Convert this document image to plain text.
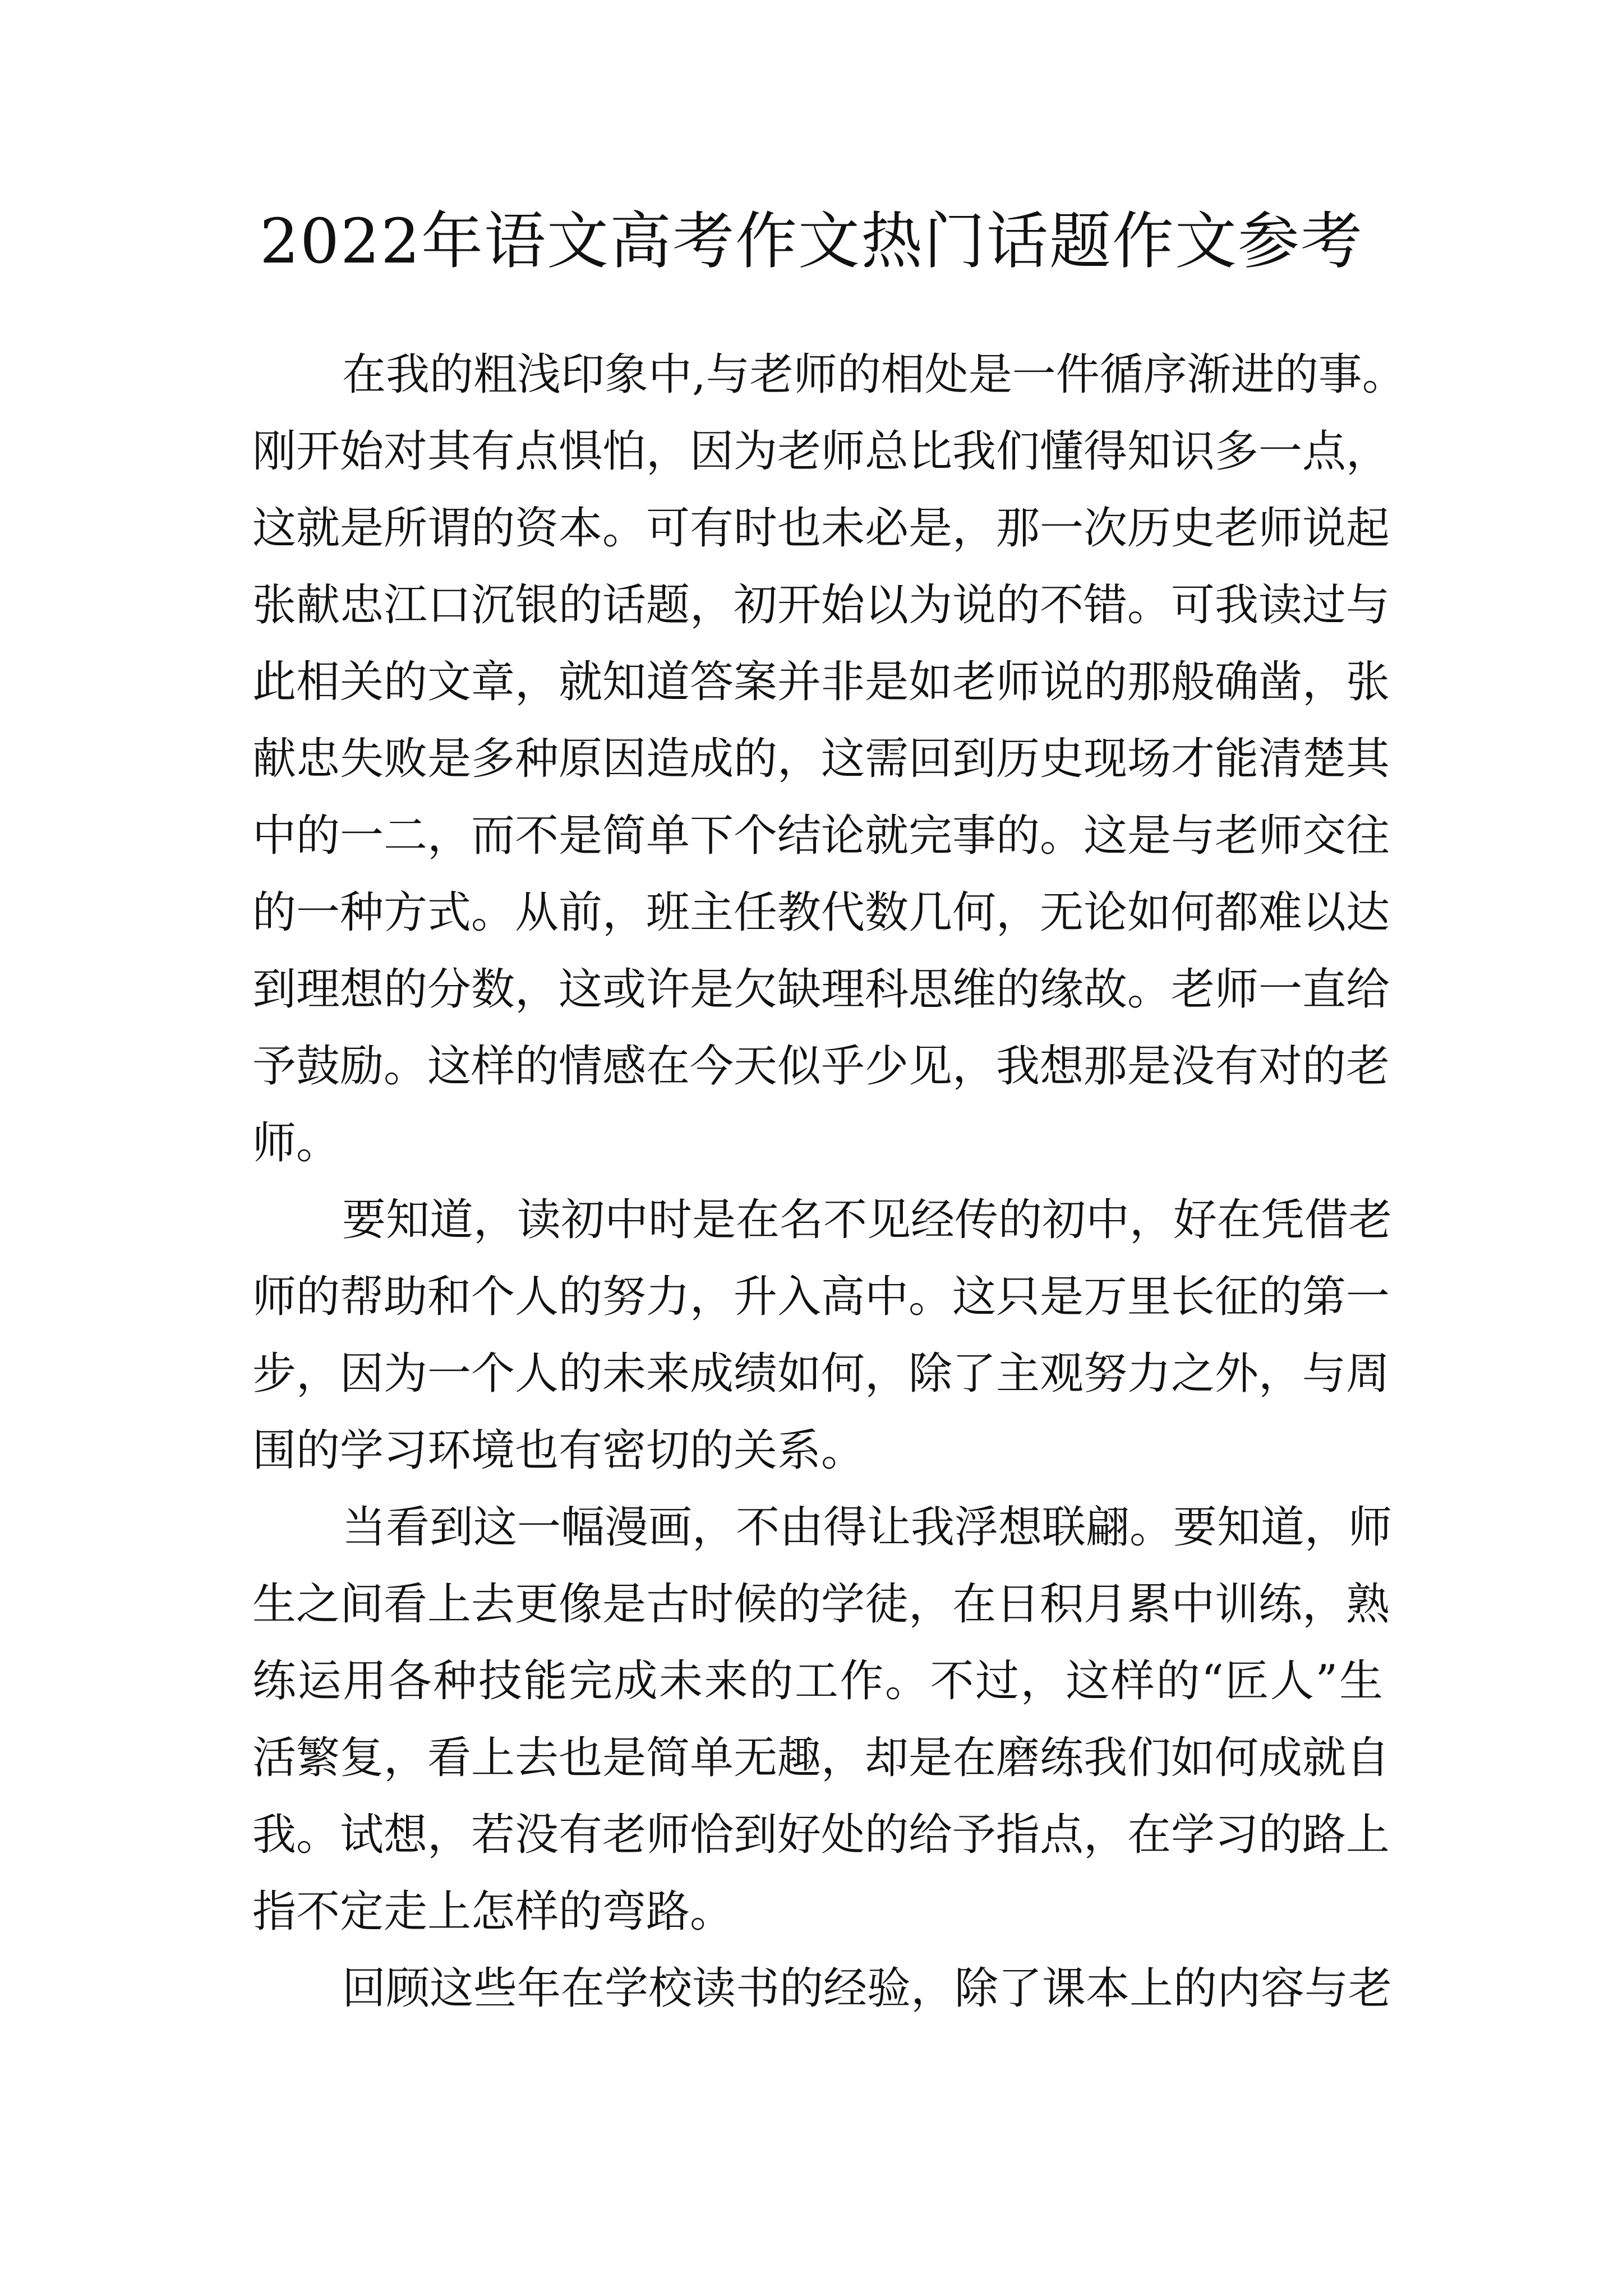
2022年语文高考作文热门话题作文参考
在我的粗浅印象中,与老师的相处是一件循序渐进的事。
刚开始对其有点惧怕，因为老师总比我们懂得知识多一点，
这就是所谓的资本。可有时也未必是，那一次历史老师说起
张献忠江口沉银的话题，初开始以为说的不错。可我读过与
此相关的文章，就知道答案并非是如老师说的那般确凿，张
献忠失败是多种原因造成的，这需回到历史现场才能清楚其
中的一二，而不是简单下个结论就完事的。这是与老师交往
的一种方式。从前，班主任教代数几何，无论如何都难以达
到理想的分数，这或许是欠缺理科思维的缘故。老师一直给
予鼓励。这样的情感在今天似乎少见，我想那是没有对的老
师。
要知道，读初中时是在名不见经传的初中，好在凭借老
师的帮助和个人的努力，升入高中。这只是万里长征的第一
步，因为一个人的未来成绩如何，除了主观努力之外，与周
围的学习环境也有密切的关系。
当看到这一幅漫画，不由得让我浮想联翩。要知道，师
生之间看上去更像是古时候的学徒，在日积月累中训练，熟
练运用各种技能完成未来的工作。不过，这样的“匠人”生
活繁复，看上去也是简单无趣，却是在磨练我们如何成就自
我。试想，若没有老师恰到好处的给予指点，在学习的路上
指不定走上怎样的弯路。
回顾这些年在学校读书的经验，除了课本上的内容与老
